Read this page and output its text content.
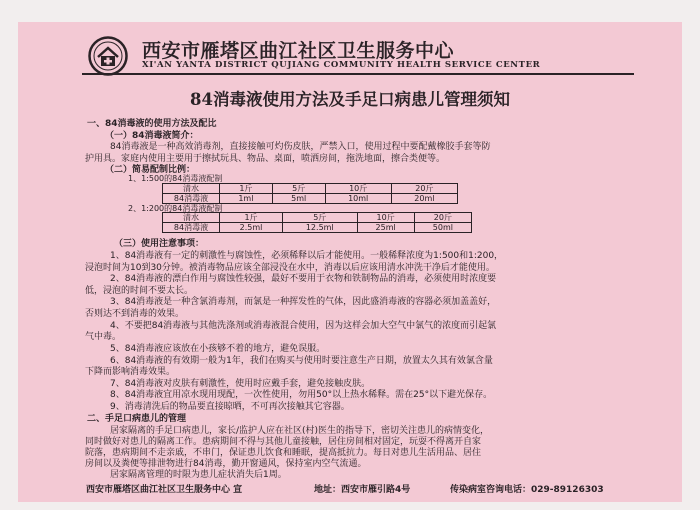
西安市雁塔区曲江社区卫生服务中心
XI'AN YANTA DISTRICT QUJIANG COMMUNITY HEALTH SERVICE CENTER
84消毒液使用方法及手足口病患儿管理须知
一、84消毒液的使用方法及配比
（一）84消毒液简介：
84消毒液是一种高效消毒剂，直接接触可灼伤皮肤，严禁入口，使用过程中要配戴橡胶手套等防
护用具。家庭内使用主要用于擦拭玩具、物品、桌面，喷洒房间，拖洗地面，擦合类便等。
（二）简易配制比例：
1、1:500的84消毒液配制
清水	1斤	5斤	10斤	20斤
84消毒液	1ml	5ml	10ml	20ml
2、1:200的84消毒液配制
清水	1斤	5斤	10斤	20斤
84消毒液	2.5ml	12.5ml	25ml	50ml
（三）使用注意事项：
1、84消毒液有一定的刺激性与腐蚀性，必须稀释以后才能使用。一般稀释浓度为1:500和1:200，
浸泡时间为10到30分钟。被消毒物品应该全部浸没在水中，消毒以后应该用清水冲洗干净后才能使用。
2、84消毒液的漂白作用与腐蚀性较强，最好不要用于衣物和铁制物品的消毒，必须使用时浓度要
低，浸泡的时间不要太长。
3、84消毒液是一种含氯消毒剂，而氯是一种挥发性的气体，因此盛消毒液的容器必须加盖盖好，
否则达不到消毒的效果。
4、不要把84消毒液与其他洗涤剂或消毒液混合使用，因为这样会加大空气中氯气的浓度而引起氯
气中毒。
5、84消毒液应该放在小孩够不着的地方，避免误服。
6、84消毒液的有效期一般为1年，我们在购买与使用时要注意生产日期，放置太久其有效氯含量
下降而影响消毒效果。
7、84消毒液对皮肤有刺激性，使用时应戴手套，避免接触皮肤。
8、84消毒液宜用凉水现用现配，一次性使用，勿用50°以上热水稀释。需在25°以下避光保存。
9、消毒清洗后的物品要直接晾晒，不可再次接触其它容器。
二、手足口病患儿的管理
居家隔离的手足口病患儿，家长/监护人应在社区(村)医生的指导下，密切关注患儿的病情变化，
同时做好对患儿的隔离工作。患病期间不得与其他儿童接触，居住房间相对固定，玩耍不得离开自家
院落，患病期间不走亲戚，不串门，保证患儿饮食和睡眠，提高抵抗力。每日对患儿生活用品、居住
房间以及粪便等排泄物进行84消毒，勤开窗通风，保持室内空气流通。
居家隔离管理的时限为患儿症状消失后1周。
西安市雁塔区曲江社区卫生服务中心 宣	地址：西安市雁引路4号	传染病室咨询电话：029-89126303
